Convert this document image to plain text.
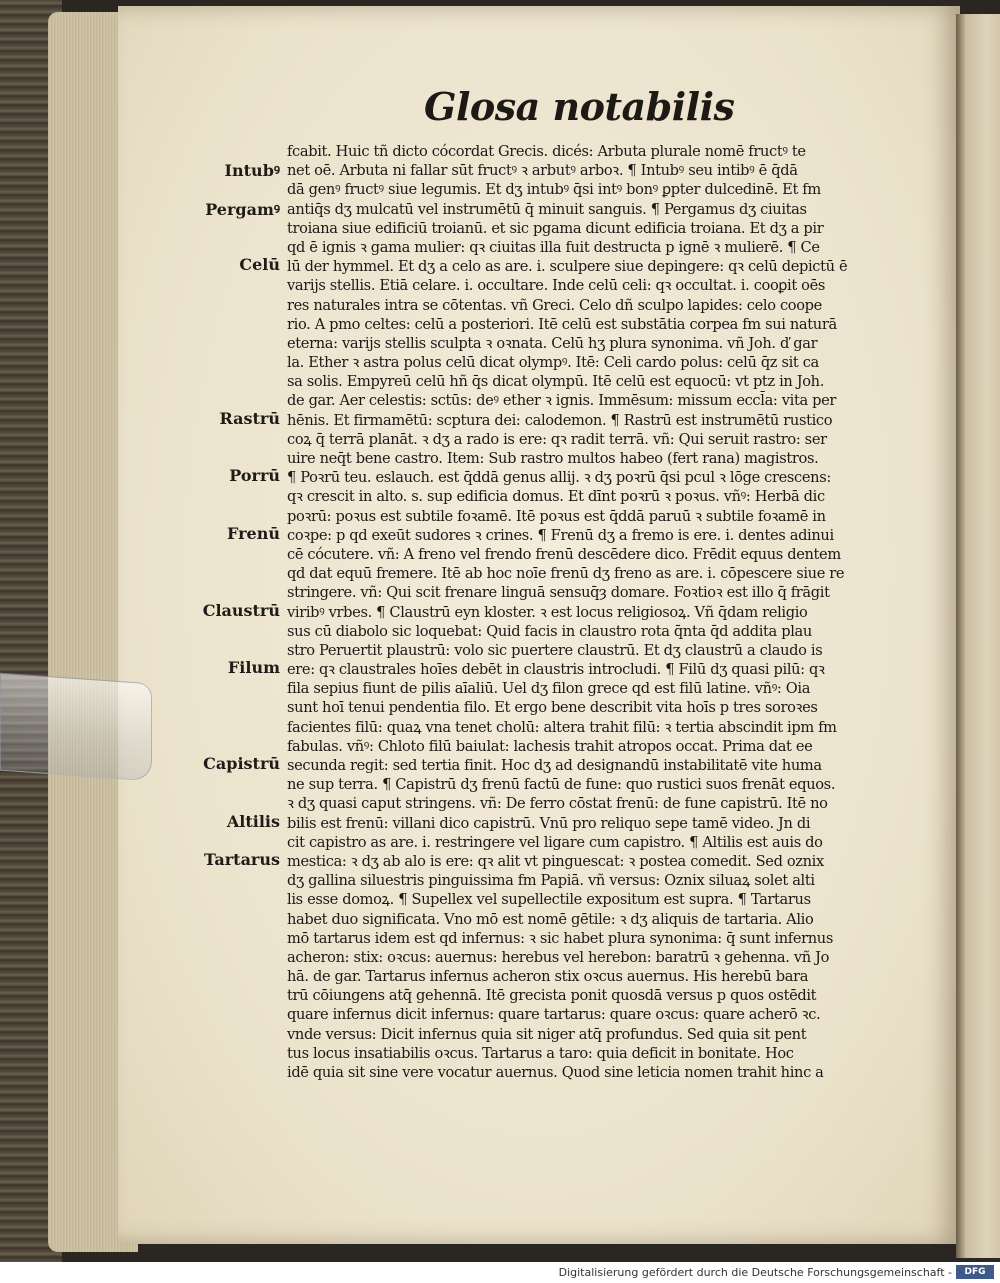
Glosa notabilis
Intubꝰ
Pergamꝰ
Celū
Rastrū
Porrū
Frenū
Claustrū
Filum
Capistrū
Altilis
Tartarus
fcabit. Huic tñ dicto cócordat Grecis. dicés: Arbuta plurale nomē fructꝰ te
net oē. Arbuta ni fallar sūt fructꝰ ꝛ arbutꝰ arboꝛ. ¶ Intubꝰ seu intibꝰ ē q̄dā
dā genꝰ fructꝰ siue legumis. Et dʒ intubꝰ q̄si intꝰ bonꝰ ꝑpter dulcedinē. Et fm
antiq̄s dʒ mulcatū vel instrumētū q̄ minuit sanguis. ¶ Pergamus dʒ ciuitas
troiana siue edificiū troianū. et sic pgama dicunt edificia troiana. Et dʒ a pir
qd ē ignis ꝛ gama mulier: qꝛ ciuitas illa fuit destructa p ignē ꝛ mulierē. ¶ Ce
lū der hymmel. Et dʒ a celo as are. i. sculpere siue depingere: qꝛ celū depictū ē
varijs stellis. Etiā celare. i. occultare. Inde celū celi: qꝛ occultat. i. cooꝑit oēs
res naturales intra se cōtentas. vñ Greci. Celo dñ sculpo lapides: celo coope
rio. A pmo celtes: celū a posteriori. Itē celū est substātia corpea fm sui naturā
eterna: varijs stellis sculpta ꝛ oꝛnata. Celū hʒ plura synonima. vñ Joh. ď gar
la. Ether ꝛ astra polus celū dicat olympꝰ. Itē: Celi cardo polus: celū q̄z sit ca
sa solis. Empyreū celū hñ q̄s dicat olympū. Itē celū est equocū: vt ptz in Joh.
de gar. Aer celestis: sctūs: deꝰ ether ꝛ ignis. Immēsum: missum eccl̄a: vita per
hēnis. Et firmamētū: scptura dei: calodemon. ¶ Rastrū est instrumētū rustico
coꝝ q̄ terrā planāt. ꝛ dʒ a rado is ere: qꝛ radit terrā. vñ: Qui seruit rastro: ser
uire neq̄t bene castro. Item: Sub rastro multos habeo (fert rana) magistros.
¶ Poꝛrū teu. eslauch. est q̄ddā genus allij. ꝛ dʒ poꝛrū q̄si pcul ꝛ lōge crescens:
qꝛ crescit in alto. s. sup edificia domus. Et dīnt poꝛrū ꝛ poꝛus. vñꝰ: Herbā dic
poꝛrū: poꝛus est subtile foꝛamē. Itē poꝛus est q̄ddā paruū ꝛ subtile foꝛamē in
coꝛpe: p qd exeūt sudores ꝛ crines. ¶ Frenū dʒ a fremo is ere. i. dentes adinui
cē cócutere. vñ: A freno vel frendo frenū descēdere dico. Frēdit equus dentem
qd dat equū fremere. Itē ab hoc noīe frenū dʒ freno as are. i. cōpescere siue re
stringere. vñ: Qui scit frenare linguā sensuq̄ȝ domare. Foꝛtioꝛ est illo q̄ frāgit
viribꝰ vrbes. ¶ Claustrū eyn kloster. ꝛ est locus religiosoꝝ. Vñ q̄dam religio
sus cū diabolo sic loquebat: Quid facis in claustro rota q̄nta q̄d addita plau
stro Peruertit plaustrū: volo sic puertere claustrū. Et dʒ claustrū a claudo is
ere: qꝛ claustrales hoīes debēt in claustris introcludi. ¶ Filū dʒ quasi pilū: qꝛ
fila sepius fiunt de pilis aīaliū. Uel dʒ filon grece qd est filū latine. vñꝰ: Oia
sunt hoī tenui pendentia filo. Et ergo bene describit vita hoīs p tres soroꝛes
facientes filū: quaꝝ vna tenet cholū: altera trahit filū: ꝛ tertia abscindit ipm fm
fabulas. vñꝰ: Chloto filū baiulat: lachesis trahit atropos occat. Prima dat ee
secunda regit: sed tertia finit. Hoc dʒ ad designandū instabilitatē vite huma
ne sup terra. ¶ Capistrū dʒ frenū factū de fune: quo rustici suos frenāt equos.
ꝛ dʒ quasi caput stringens. vñ: De ferro cōstat frenū: de fune capistrū. Itē no
bilis est frenū: villani dico capistrū. Vnū pro reliquo sepe tamē video. Jn di
cit capistro as are. i. restringere vel ligare cum capistro. ¶ Altilis est auis do
mestica: ꝛ dʒ ab alo is ere: qꝛ alit vt pinguescat: ꝛ postea comedit. Sed oznix
dʒ gallina siluestris pinguissima fm Papiā. vñ versus: Oznix siluaꝝ solet alti
lis esse domoꝝ. ¶ Supellex vel supellectile expositum est supra. ¶ Tartarus
habet duo significata. Vno mō est nomē gētile: ꝛ dʒ aliquis de tartaria. Alio
mō tartarus idem est qd infernus: ꝛ sic habet plura synonima: q̄ sunt infernus
acheron: stix: oꝛcus: auernus: herebus vel herebon: baratrū ꝛ gehenna. vñ Jo
hā. de gar. Tartarus infernus acheron stix oꝛcus auernus. His herebū bara
trū cōiungens atq̄ gehennā. Itē grecista ponit quosdā versus p quos ostēdit
quare infernus dicit infernus: quare tartarus: quare oꝛcus: quare acherō ꝛc.
vnde versus: Dicit infernus quia sit niger atq̄ profundus. Sed quia sit pent
tus locus insatiabilis oꝛcus. Tartarus a taro: quia deficit in bonitate. Hoc
idē quia sit sine vere vocatur auernus. Quod sine leticia nomen trahit hinc a
Digitalisierung gefördert durch die Deutsche Forschungsgemeinschaft -	DFG
